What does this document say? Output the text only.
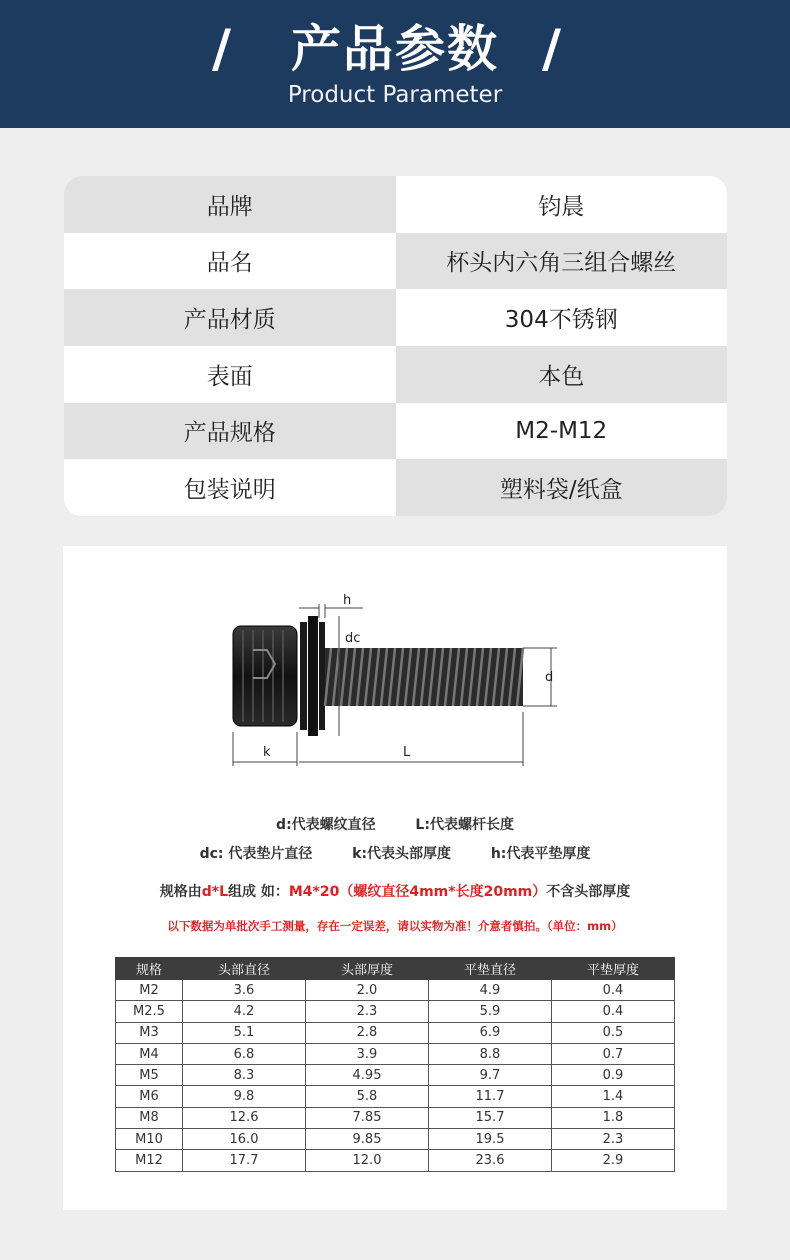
/	产品参数 /
Product Parameter
品牌	钧晨
品名	杯头内六角三组合螺丝
产品材质	304不锈钢
表面	本色
产品规格	M2-M12
包装说明	塑料袋/纸盒
h
dc
d
k	L
d:代表螺纹直径	L:代表螺杆长度
dc: 代表垫片直径	k:代表头部厚度	h:代表平垫厚度
规格由d*L组成 如：M4*20（螺纹直径4mm*长度20mm）不含头部厚度
以下数据为单批次手工测量，存在一定误差，请以实物为准！介意者慎拍。（单位：mm）
规格	头部直径	头部厚度	平垫直径	平垫厚度
M2	3.6	2.0	4.9	0.4
M2.5	4.2	2.3	5.9	0.4
M3	5.1	2.8	6.9	0.5
M4	6.8	3.9	8.8	0.7
M5	8.3	4.95	9.7	0.9
M6	9.8	5.8	11.7	1.4
M8	12.6	7.85	15.7	1.8
M10	16.0	9.85	19.5	2.3
M12	17.7	12.0	23.6	2.9
